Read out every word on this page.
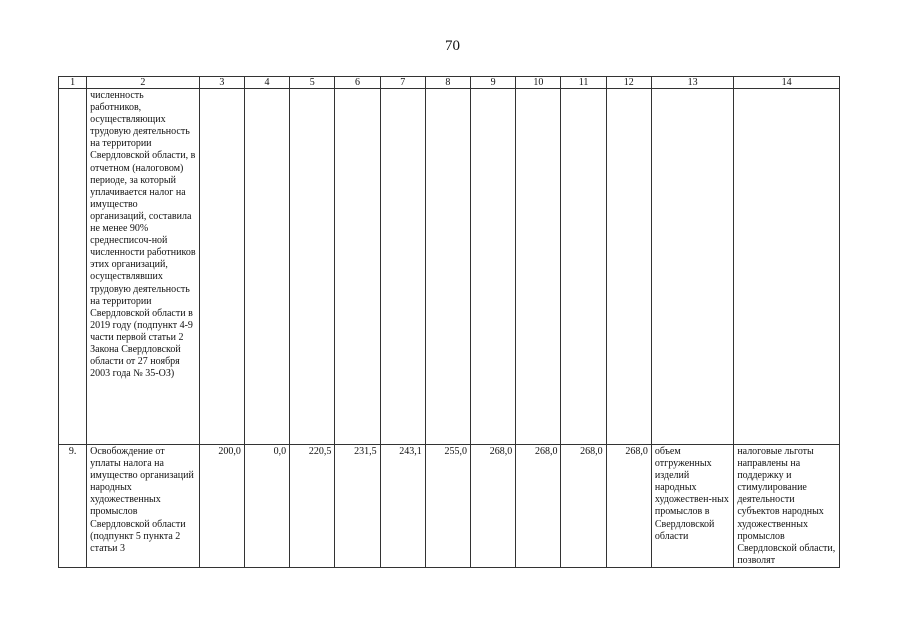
70
1	2	3	4	5	6	7	8	9	10	11	12	13	14
	численность работников, осуществляющих трудовую деятельность на территории Свердловской области, в отчетном (налоговом) периоде, за который уплачивается налог на имущество организаций, составила не менее 90% среднесписоч-ной численности работников этих организаций, осуществлявших трудовую деятельность на территории Свердловской области в 2019 году (подпункт 4-9 части первой статьи 2 Закона Свердловской области от 27 ноября 2003 года № 35-ОЗ)												
9.	Освобождение от уплаты налога на имущество организаций народных художественных промыслов Свердловской области (подпункт 5 пункта 2 статьи 3	200,0	0,0	220,5	231,5	243,1	255,0	268,0	268,0	268,0	268,0	объем отгруженных изделий народных художествен-ных промыслов в Свердловской области	налоговые льготы направлены на поддержку и стимулирование деятельности субъектов народных художественных промыслов Свердловской области, позволят
